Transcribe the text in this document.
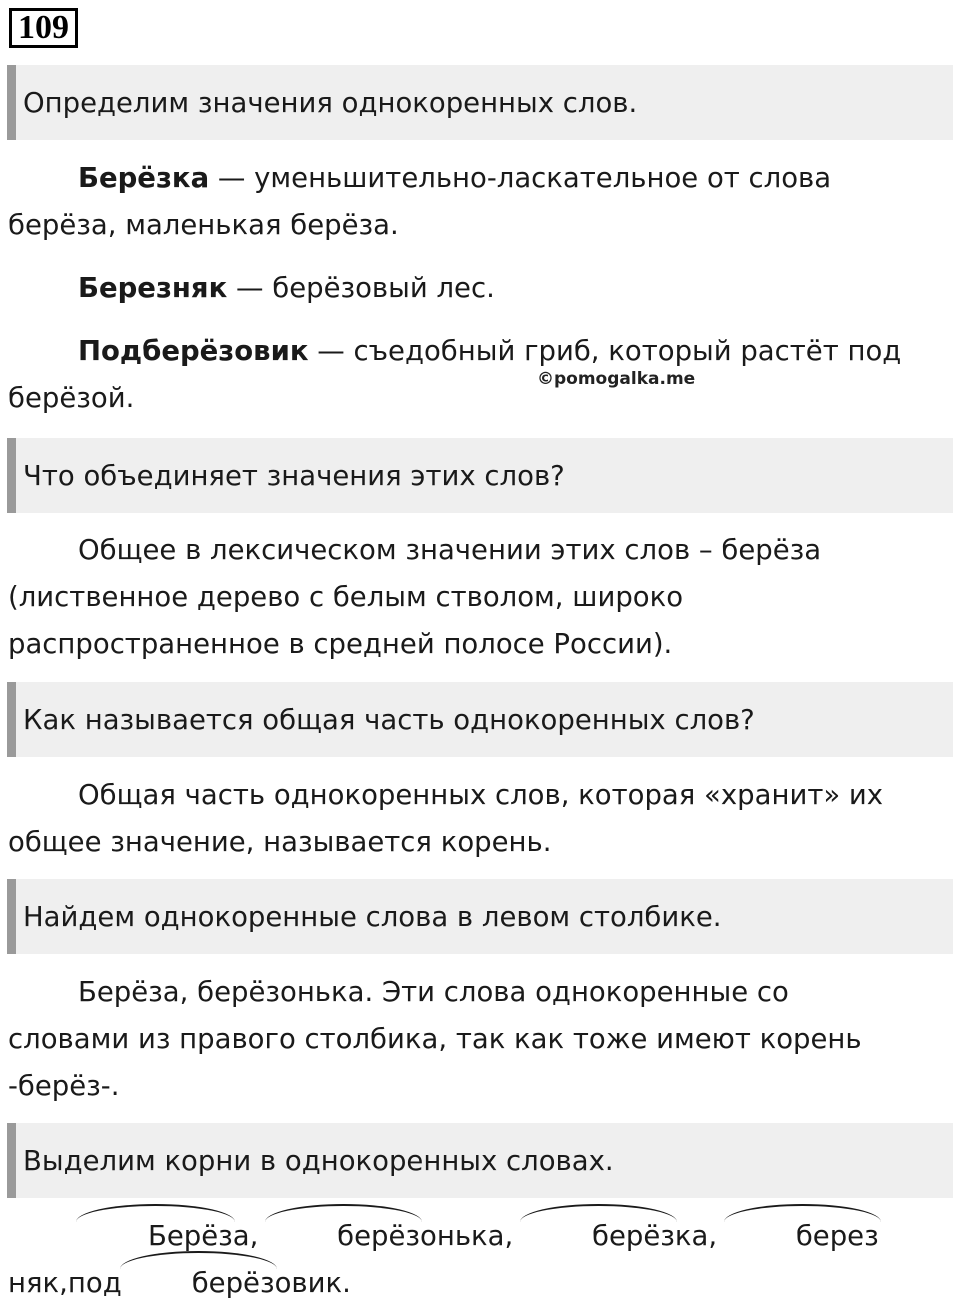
109
Определим значения однокоренных слов.

Берёзка — уменьшительно-ласкательное от слова берёза, маленькая берёза.

Березняк — берёзовый лес.

Подберёзовик — съедобный гриб, который растёт под берёзой.

©pomogalka.me
Что объединяет значения этих слов?

Общее в лексическом значении этих слов – берёза (лиственное дерево с белым стволом, широко распространенное в средней полосе России).

Как называется общая часть однокоренных слов?

Общая часть однокоренных слов, которая «хранит» их общее значение, называется корень.

Найдем однокоренные слова в левом столбике.

Берёза, берёзонька. Эти слова однокоренные со словами из правого столбика, так как тоже имеют корень -берёз-.

Выделим корни в однокоренных словах.

Берёз
а,	берёз
онька,	берёз
ка,	берез
няк,под	берёз
овик.
